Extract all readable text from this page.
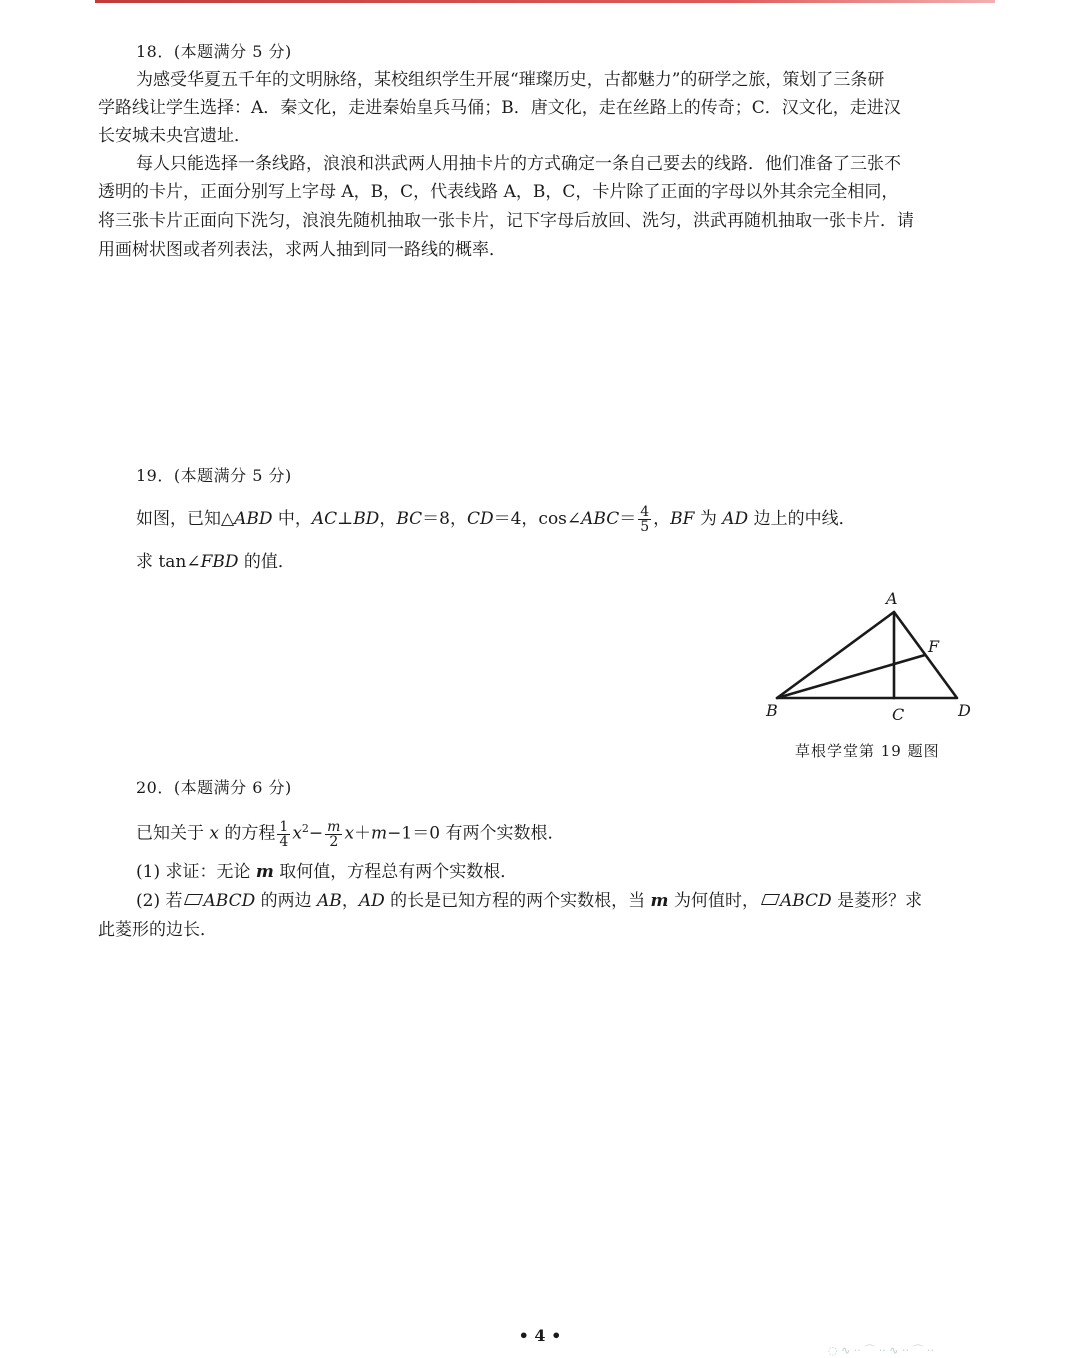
18．(本题满分 5 分)
为感受华夏五千年的文明脉络，某校组织学生开展“璀璨历史，古都魅力”的研学之旅，策划了三条研
学路线让学生选择：A．秦文化，走进秦始皇兵马俑；B．唐文化，走在丝路上的传奇；C．汉文化，走进汉
长安城未央宫遗址．
每人只能选择一条线路，浪浪和洪武两人用抽卡片的方式确定一条自己要去的线路．他们准备了三张不
透明的卡片，正面分别写上字母 A，B，C，代表线路 A，B，C，卡片除了正面的字母以外其余完全相同，
将三张卡片正面向下洗匀，浪浪先随机抽取一张卡片，记下字母后放回、洗匀，洪武再随机抽取一张卡片．请
用画树状图或者列表法，求两人抽到同一路线的概率．
19．(本题满分 5 分)
如图，已知△ABD 中，AC⊥BD，BC＝8，CD＝4，cos∠ABC＝ $\frac{4}{5}$ ，BF 为 AD 边上的中线．
求 tan∠FBD 的值．
A
F
B	C	D
草根学堂第 19 题图
20．(本题满分 6 分)
已知关于 x 的方程 $\frac{1}{4} x^2- \frac{m}{2} x+m-1=0$ 有两个实数根．
(1) 求证：无论 m 取何值，方程总有两个实数根．
(2) 若 ABCD 的两边 AB，AD 的长是已知方程的两个实数根，当 m 为何值时， ABCD 是菱形？求
此菱形的边长．
• 4 •
◌ ∿ ·· ⌒ ·· ∿ ·· ⌒ ··
